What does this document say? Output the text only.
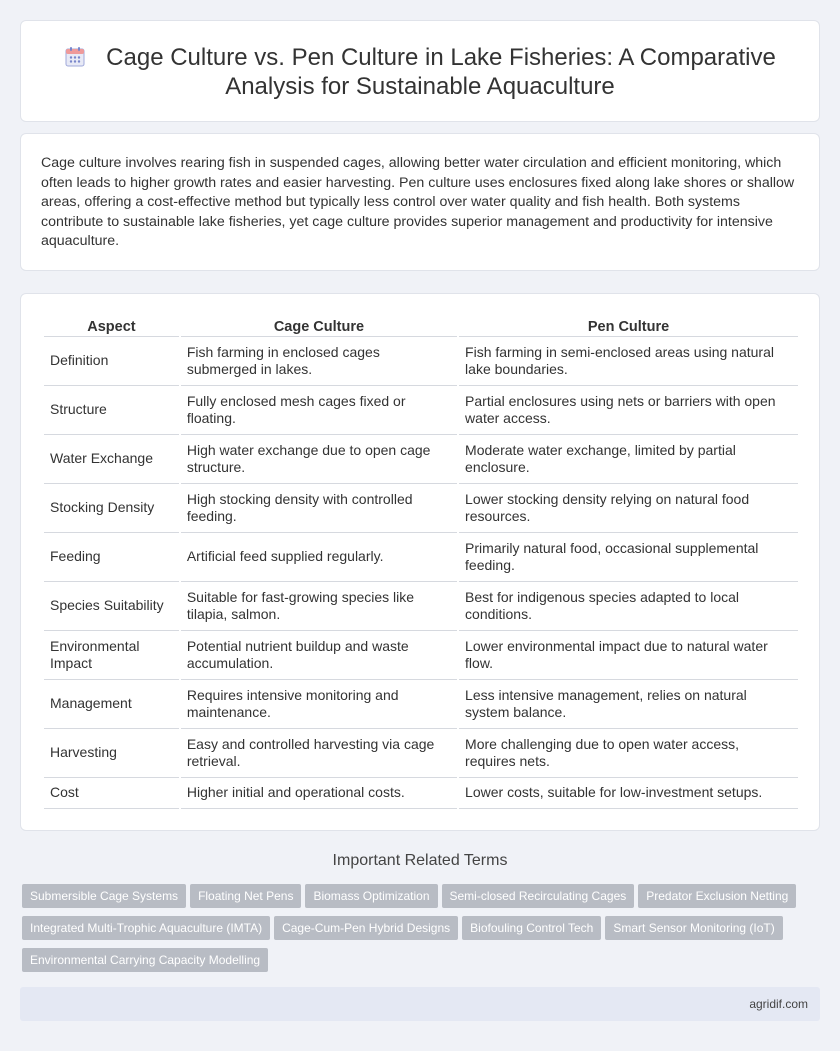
Cage Culture vs. Pen Culture in Lake Fisheries: A Comparative Analysis for Sustainable Aquaculture

Cage culture involves rearing fish in suspended cages, allowing better water circulation and efficient monitoring, which often leads to higher growth rates and easier harvesting. Pen culture uses enclosures fixed along lake shores or shallow areas, offering a cost-effective method but typically less control over water quality and fish health. Both systems contribute to sustainable lake fisheries, yet cage culture provides superior management and productivity for intensive aquaculture.

Aspect	Cage Culture	Pen Culture
Definition	Fish farming in enclosed cages submerged in lakes.	Fish farming in semi-enclosed areas using natural lake boundaries.
Structure	Fully enclosed mesh cages fixed or floating.	Partial enclosures using nets or barriers with open water access.
Water Exchange	High water exchange due to open cage structure.	Moderate water exchange, limited by partial enclosure.
Stocking Density	High stocking density with controlled feeding.	Lower stocking density relying on natural food resources.
Feeding	Artificial feed supplied regularly.	Primarily natural food, occasional supplemental feeding.
Species Suitability	Suitable for fast-growing species like tilapia, salmon.	Best for indigenous species adapted to local conditions.
Environmental Impact	Potential nutrient buildup and waste accumulation.	Lower environmental impact due to natural water flow.
Management	Requires intensive monitoring and maintenance.	Less intensive management, relies on natural system balance.
Harvesting	Easy and controlled harvesting via cage retrieval.	More challenging due to open water access, requires nets.
Cost	Higher initial and operational costs.	Lower costs, suitable for low-investment setups.
Important Related Terms
Submersible Cage Systems Floating Net Pens Biomass Optimization Semi-closed Recirculating Cages Predator Exclusion NettingIntegrated Multi-Trophic Aquaculture (IMTA) Cage-Cum-Pen Hybrid Designs Biofouling Control Tech Smart Sensor Monitoring (IoT)Environmental Carrying Capacity Modelling
agridif.com
